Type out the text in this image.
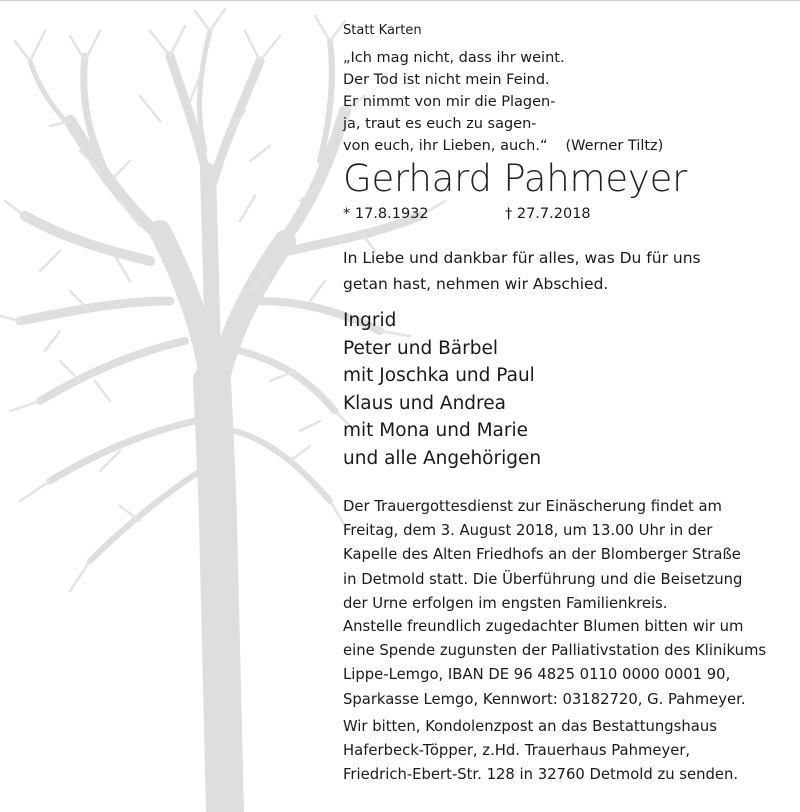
Statt Karten
„Ich mag nicht, dass ihr weint.
Der Tod ist nicht mein Feind.
Er nimmt von mir die Plagen-
ja, traut es euch zu sagen-
von euch, ihr Lieben, auch.“ (Werner Tiltz)
Gerhard Pahmeyer
* 17.8.1932	† 27.7.2018
In Liebe und dankbar für alles, was Du für uns
getan hast, nehmen wir Abschied.
Ingrid
Peter und Bärbel
mit Joschka und Paul
Klaus und Andrea
mit Mona und Marie
und alle Angehörigen
Der Trauergottesdienst zur Einäscherung findet am
Freitag, dem 3. August 2018, um 13.00 Uhr in der
Kapelle des Alten Friedhofs an der Blomberger Straße
in Detmold statt. Die Überführung und die Beisetzung
der Urne erfolgen im engsten Familienkreis.
Anstelle freundlich zugedachter Blumen bitten wir um
eine Spende zugunsten der Palliativstation des Klinikums
Lippe-Lemgo, IBAN DE 96 4825 0110 0000 0001 90,
Sparkasse Lemgo, Kennwort: 03182720, G. Pahmeyer.
Wir bitten, Kondolenzpost an das Bestattungshaus
Haferbeck-Töpper, z.Hd. Trauerhaus Pahmeyer,
Friedrich-Ebert-Str. 128 in 32760 Detmold zu senden.
